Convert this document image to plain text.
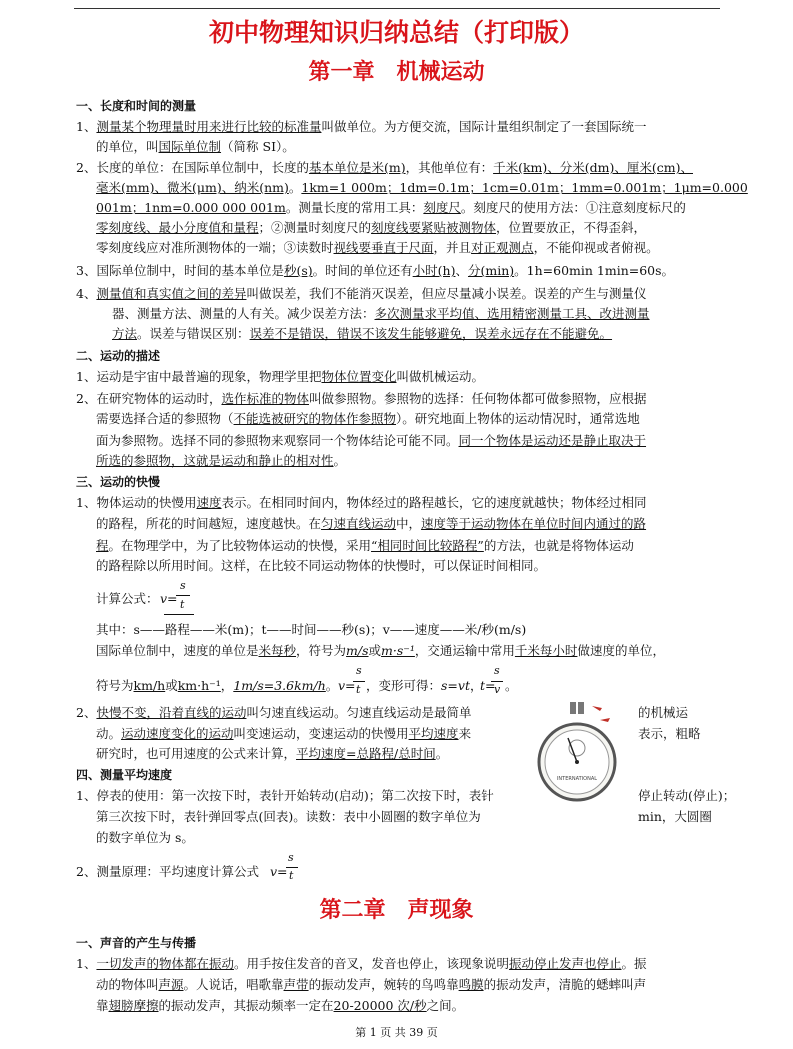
初中物理知识归纳总结（打印版）
第一章　机械运动
一、长度和时间的测量
1、测量某个物理量时用来进行比较的标准量叫做单位。为方便交流，国际计量组织制定了一套国际统一
的单位，叫国际单位制（简称 SI）。
2、长度的单位：在国际单位制中，长度的基本单位是米(m)，其他单位有：千米(km)、分米(dm)、厘米(cm)、
毫米(mm)、微米(μm)、纳米(nm)。1km=1 000m；1dm=0.1m；1cm=0.01m；1mm=0.001m；1μm=0.000
001m；1nm=0.000 000 001m。测量长度的常用工具：刻度尺。刻度尺的使用方法：①注意刻度标尺的
零刻度线、最小分度值和量程；②测量时刻度尺的刻度线要紧贴被测物体，位置要放正，不得歪斜，
零刻度线应对准所测物体的一端；③读数时视线要垂直于尺面，并且对正观测点，不能仰视或者俯视。
3、国际单位制中，时间的基本单位是秒(s)。时间的单位还有小时(h)、分(min)。1h=60min 1min=60s。
4、测量值和真实值之间的差异叫做误差，我们不能消灭误差，但应尽量减小误差。误差的产生与测量仪
器、测量方法、测量的人有关。减少误差方法：多次测量求平均值、选用精密测量工具、改进测量
方法。误差与错误区别：误差不是错误，错误不该发生能够避免，误差永远存在不能避免。
二、运动的描述
1、运动是宇宙中最普遍的现象，物理学里把物体位置变化叫做机械运动。
2、在研究物体的运动时，选作标准的物体叫做参照物。参照物的选择：任何物体都可做参照物，应根据
需要选择合适的参照物（不能选被研究的物体作参照物）。研究地面上物体的运动情况时，通常选地
面为参照物。选择不同的参照物来观察同一个物体结论可能不同。同一个物体是运动还是静止取决于
所选的参照物，这就是运动和静止的相对性。
三、运动的快慢
1、物体运动的快慢用速度表示。在相同时间内，物体经过的路程越长，它的速度就越快；物体经过相同
的路程，所花的时间越短，速度越快。在匀速直线运动中，速度等于运动物体在单位时间内通过的路
程。在物理学中，为了比较物体运动的快慢，采用“相同时间比较路程”的方法，也就是将物体运动
的路程除以所用时间。这样，在比较不同运动物体的快慢时，可以保证时间相同。
计算公式： v=
s
t
其中：s——路程——米(m)；t——时间——秒(s)；v——速度——米/秒(m/s)
国际单位制中，速度的单位是米每秒，符号为m/s或m·s⁻¹，交通运输中常用千米每小时做速度的单位，
符号为km/h或km·h⁻¹，1m/s=3.6km/h。 v=
s
t ，变形可得：s=vt，
t=
s
v 。
2、快慢不变，沿着直线的运动叫匀速直线运动。匀速直线运动是最简单	的机械运
动。运动速度变化的运动叫变速运动，变速运动的快慢用平均速度来	表示，粗略
研究时，也可用速度的公式来计算，平均速度=总路程/总时间。
四、测量平均速度
1、停表的使用：第一次按下时，表针开始转动(启动)；第二次按下时，表针	停止转动(停止)；
第三次按下时，表针弹回零点(回表)。读数：表中小圆圈的数字单位为	min，大圆圈
的数字单位为 s。
2、测量原理：平均速度计算公式 v=
s
t
INTERNATIONAL
第二章　声现象
一、声音的产生与传播
1、一切发声的物体都在振动。用手按住发音的音叉，发音也停止，该现象说明振动停止发声也停止。振
动的物体叫声源。人说话，唱歌靠声带的振动发声，婉转的鸟鸣靠鸣膜的振动发声，清脆的蟋蟀叫声
靠翅膀摩擦的振动发声，其振动频率一定在20-20000 次/秒之间。
第 1 页 共 39 页
